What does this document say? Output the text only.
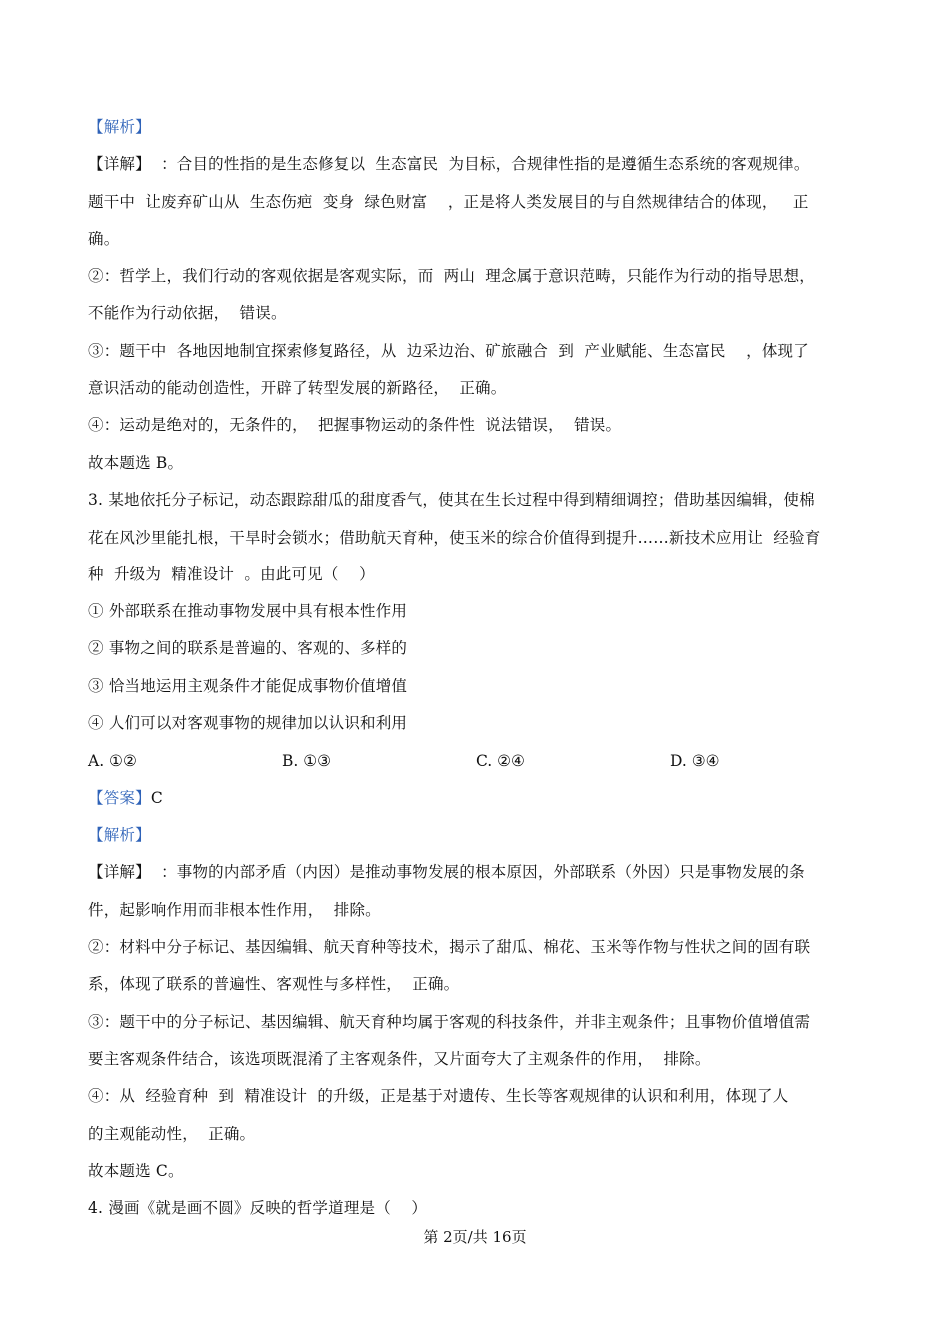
【解析】
【详解】  ：合目的性指的是生态修复以  生态富民  为目标，合规律性指的是遵循生态系统的客观规律。
题干中  让废弃矿山从  生态伤疤  变身  绿色财富    ，正是将人类发展目的与自然规律结合的体现，   正
确。
②：哲学上，我们行动的客观依据是客观实际，而  两山  理念属于意识范畴，只能作为行动的指导思想，
不能作为行动依据，  错误。
③：题干中  各地因地制宜探索修复路径，从  边采边治、矿旅融合  到  产业赋能、生态富民    ，体现了
意识活动的能动创造性，开辟了转型发展的新路径，  正确。
④：运动是绝对的，无条件的，  把握事物运动的条件性  说法错误，  错误。
故本题选 B。
3. 某地依托分子标记，动态跟踪甜瓜的甜度香气，使其在生长过程中得到精细调控；借助基因编辑，使棉
花在风沙里能扎根，干旱时会锁水；借助航天育种，使玉米的综合价值得到提升……新技术应用让  经验育
种  升级为  精准设计  。由此可见（    ）
① 外部联系在推动事物发展中具有根本性作用
② 事物之间的联系是普遍的、客观的、多样的
③ 恰当地运用主观条件才能促成事物价值增值
④ 人们可以对客观事物的规律加以认识和利用
A. ①②	B. ①③	C. ②④	D. ③④
【答案】C
【解析】
【详解】  ：事物的内部矛盾（内因）是推动事物发展的根本原因，外部联系（外因）只是事物发展的条
件，起影响作用而非根本性作用，  排除。
②：材料中分子标记、基因编辑、航天育种等技术，揭示了甜瓜、棉花、玉米等作物与性状之间的固有联
系，体现了联系的普遍性、客观性与多样性，  正确。
③：题干中的分子标记、基因编辑、航天育种均属于客观的科技条件，并非主观条件；且事物价值增值需
要主客观条件结合，该选项既混淆了主客观条件，又片面夸大了主观条件的作用，  排除。
④：从  经验育种  到  精准设计  的升级，正是基于对遗传、生长等客观规律的认识和利用，体现了人
的主观能动性，  正确。
故本题选 C。
4. 漫画《就是画不圆》反映的哲学道理是（    ）
第 2页/共 16页
